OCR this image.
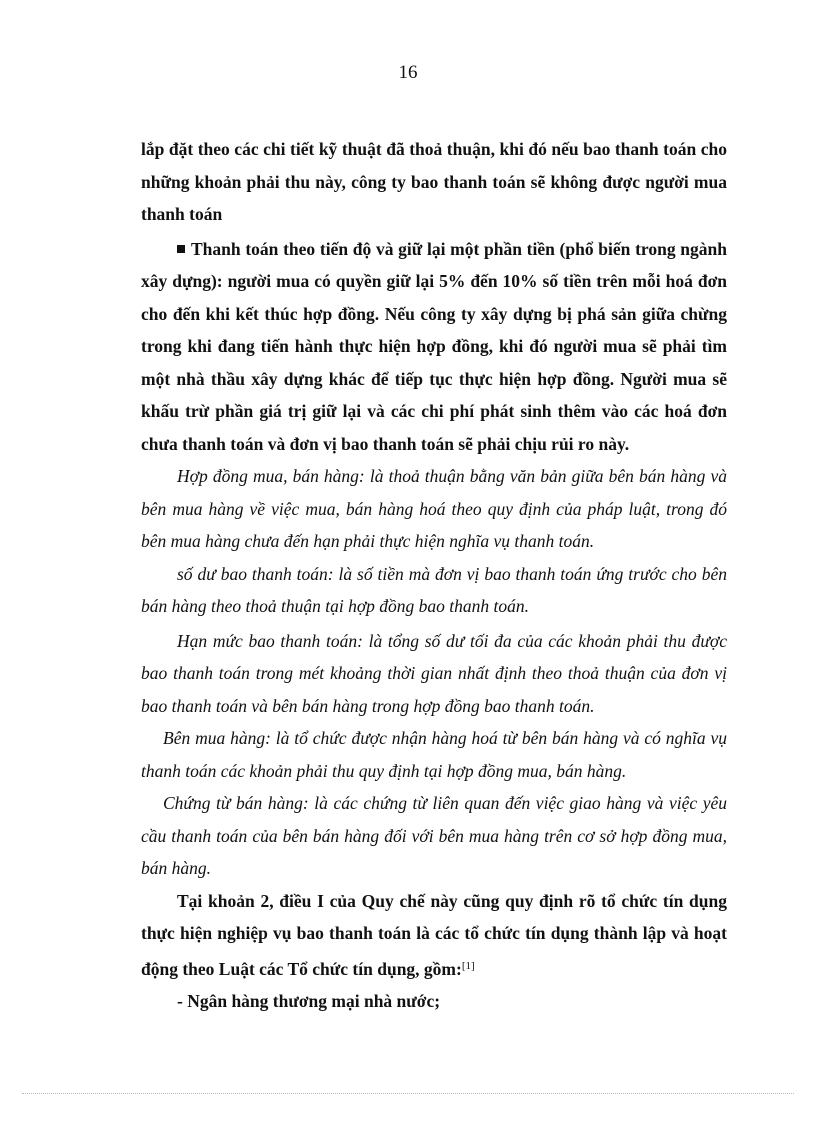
16

lắp đặt theo các chi tiết kỹ thuật đã thoả thuận, khi đó nếu bao thanh toán cho những khoản phải thu này, công ty bao thanh toán sẽ không được người mua thanh toán

Thanh toán theo tiến độ và giữ lại một phần tiền (phổ biến trong ngành xây dựng): người mua có quyền giữ lại 5% đến 10% số tiền trên mỗi hoá đơn cho đến khi kết thúc hợp đồng. Nếu công ty xây dựng bị phá sản giữa chừng trong khi đang tiến hành thực hiện hợp đồng, khi đó người mua sẽ phải tìm một nhà thầu xây dựng khác để tiếp tục thực hiện hợp đồng. Người mua sẽ khấu trừ phần giá trị giữ lại và các chi phí phát sinh thêm vào các hoá đơn chưa thanh toán và đơn vị bao thanh toán sẽ phải chịu rủi ro này.

Hợp đồng mua, bán hàng: là thoả thuận bằng văn bản giữa bên bán hàng và bên mua hàng về việc mua, bán hàng hoá theo quy định của pháp luật, trong đó bên mua hàng chưa đến hạn phải thực hiện nghĩa vụ thanh toán.

số dư bao thanh toán: là số tiền mà đơn vị bao thanh toán ứng trước cho bên bán hàng theo thoả thuận tại hợp đồng bao thanh toán.

Hạn mức bao thanh toán: là tổng số dư tối đa của các khoản phải thu được bao thanh toán trong mét khoảng thời gian nhất định theo thoả thuận của đơn vị bao thanh toán và bên bán hàng trong hợp đồng bao thanh toán.

Bên mua hàng: là tổ chức được nhận hàng hoá từ bên bán hàng và có nghĩa vụ thanh toán các khoản phải thu quy định tại hợp đồng mua, bán hàng.

Chứng từ bán hàng: là các chứng từ liên quan đến việc giao hàng và việc yêu cầu thanh toán của bên bán hàng đối với bên mua hàng trên cơ sở hợp đồng mua, bán hàng.

Tại khoản 2, điều I của Quy chế này cũng quy định rõ tổ chức tín dụng thực hiện nghiệp vụ bao thanh toán là các tổ chức tín dụng thành lập và hoạt động theo Luật các Tổ chức tín dụng, gồm:[1]

- Ngân hàng thương mại nhà nước;
